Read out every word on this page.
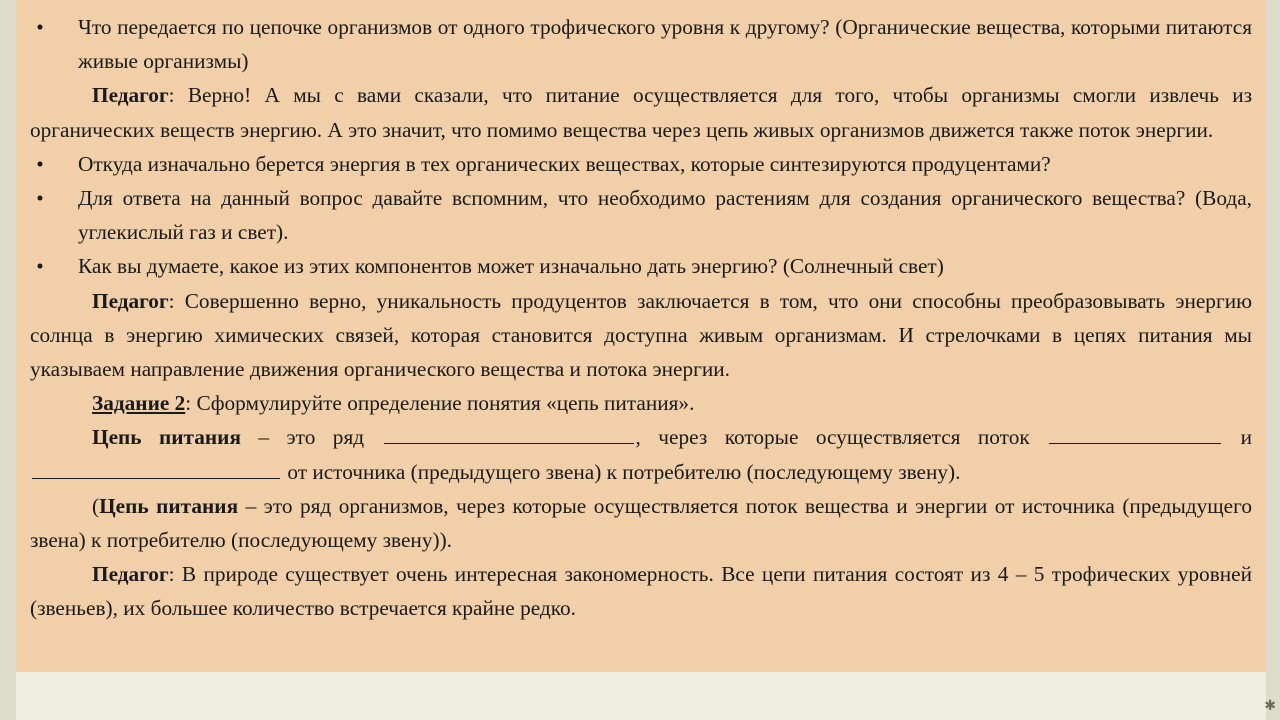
• Что передается по цепочке организмов от одного трофического уровня к другому? (Органические вещества, которыми питаются живые организмы)

Педагог: Верно! А мы с вами сказали, что питание осуществляется для того, чтобы организмы смогли извлечь из органических веществ энергию. А это значит, что помимо вещества через цепь живых организмов движется также поток энергии.

• Откуда изначально берется энергия в тех органических веществах, которые синтезируются продуцентами?

• Для ответа на данный вопрос давайте вспомним, что необходимо растениям для создания органического вещества? (Вода, углекислый газ и свет).

• Как вы думаете, какое из этих компонентов может изначально дать энергию? (Солнечный свет)

Педагог: Совершенно верно, уникальность продуцентов заключается в том, что они способны преобразовывать энергию солнца в энергию химических связей, которая становится доступна живым организмам. И стрелочками в цепях питания мы указываем направление движения органического вещества и потока энергии.

Задание 2: Сформулируйте определение понятия «цепь питания».

Цепь питания – это ряд	, через которые осуществляется поток	и  от источника (предыдущего звена) к потребителю (последующему звену).

(Цепь питания – это ряд организмов, через которые осуществляется поток вещества и энергии от источника (предыдущего звена) к потребителю (последующему звену)).

Педагог: В природе существует очень интересная закономерность. Все цепи питания состоят из 4 – 5 трофических уровней (звеньев), их большее количество встречается крайне редко.

✱
